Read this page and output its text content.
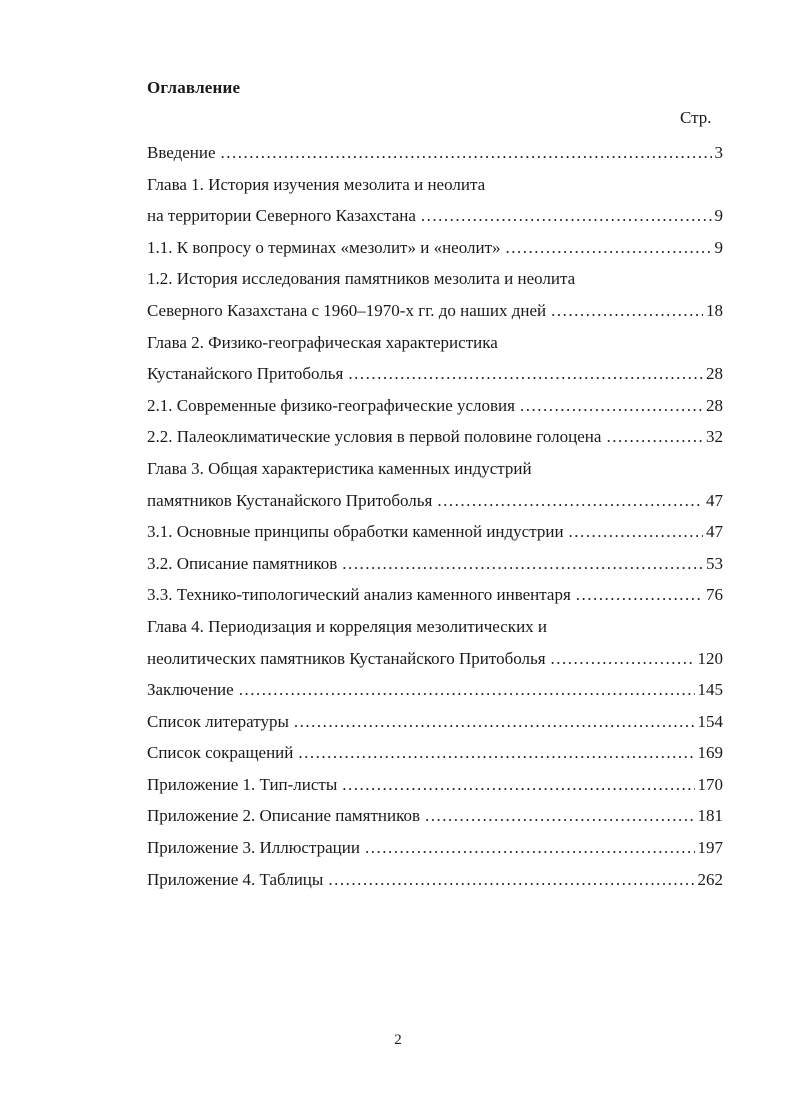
Оглавление
Стр.
Введение .....	3
Глава 1. История изучения мезолита и неолита
на территории Северного Казахстана .....	9
1.1. К вопросу о терминах «мезолит» и «неолит» .....	9
1.2. История исследования памятников мезолита и неолита
Северного Казахстана с 1960–1970-х гг. до наших дней .....	18
Глава 2. Физико-географическая характеристика
Кустанайского Притоболья .....	28
2.1. Современные физико-географические условия .....	28
2.2. Палеоклиматические условия в первой половине голоцена .....	32
Глава 3. Общая характеристика каменных индустрий
памятников Кустанайского Притоболья .....	47
3.1. Основные принципы обработки каменной индустрии .....	47
3.2. Описание памятников .....	53
3.3. Технико-типологический анализ каменного инвентаря .....	76
Глава 4. Периодизация и корреляция мезолитических и
неолитических памятников Кустанайского Притоболья .....	120
Заключение .....	145
Список литературы .....	154
Список сокращений .....	169
Приложение 1. Тип-листы .....	170
Приложение 2. Описание памятников .....	181
Приложение 3. Иллюстрации .....	197
Приложение 4. Таблицы .....	262
2
